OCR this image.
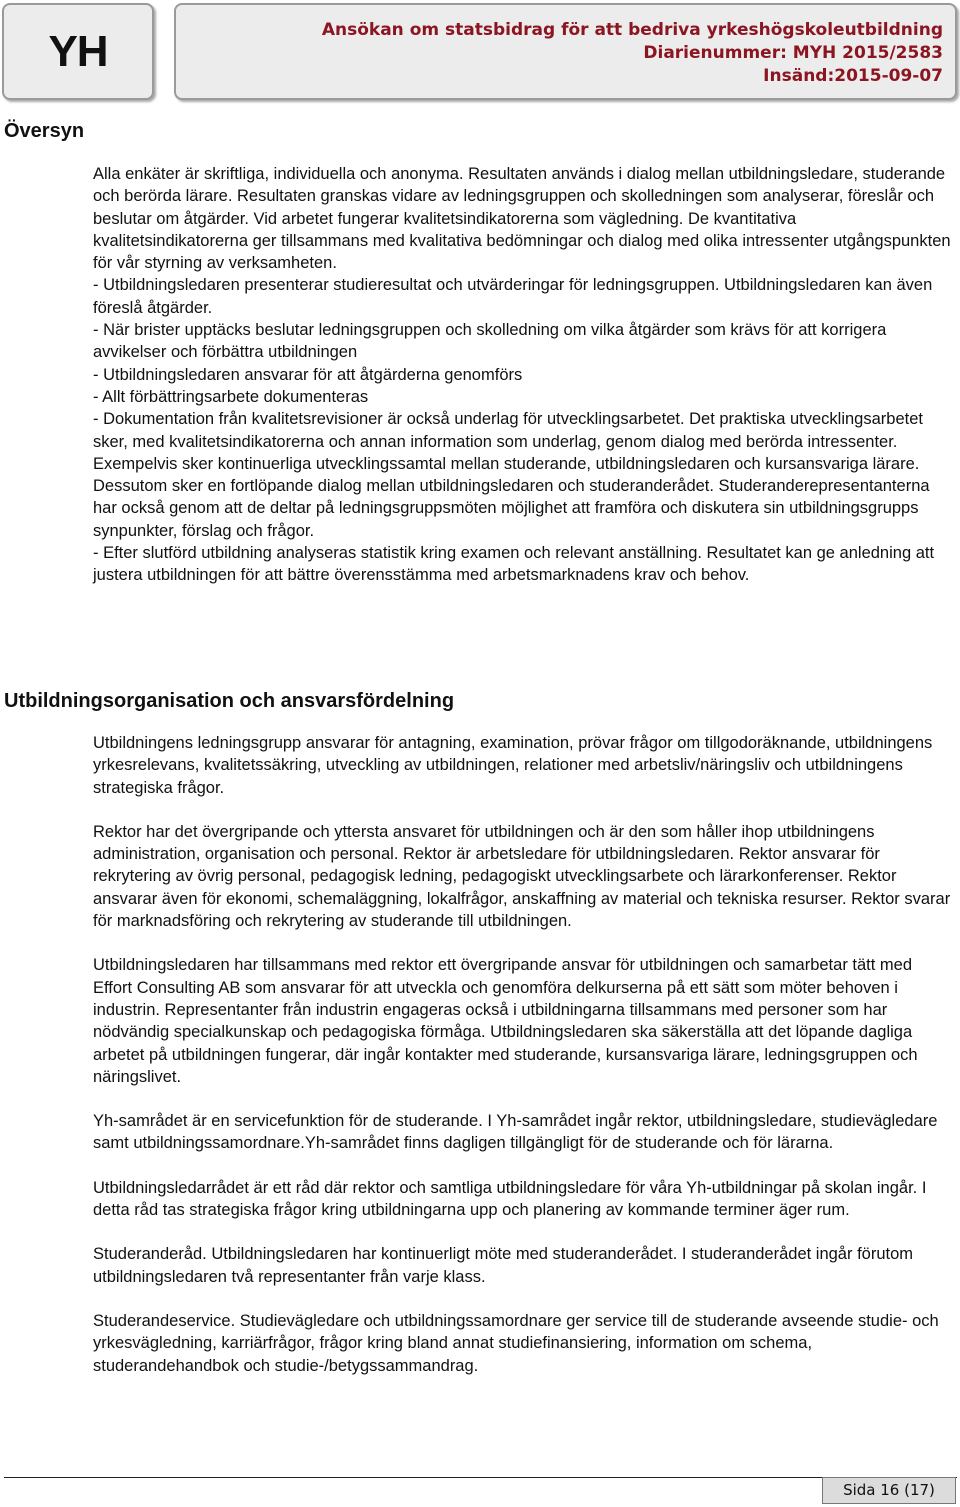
YH	Ansökan om statsbidrag för att bedriva yrkeshögskoleutbildning
Diarienummer: MYH 2015/2583
Insänd:2015-09-07
Översyn

Alla enkäter är skriftliga, individuella och anonyma. Resultaten används i dialog mellan utbildningsledare, studerande och berörda lärare. Resultaten granskas vidare av ledningsgruppen och skolledningen som analyserar, föreslår och beslutar om åtgärder. Vid arbetet fungerar kvalitetsindikatorerna som vägledning. De kvantitativa kvalitetsindikatorerna ger tillsammans med kvalitativa bedömningar och dialog med olika intressenter utgångspunkten för vår styrning av verksamheten.

- Utbildningsledaren presenterar studieresultat och utvärderingar för ledningsgruppen. Utbildningsledaren kan även föreslå åtgärder.

- När brister upptäcks beslutar ledningsgruppen och skolledning om vilka åtgärder som krävs för att korrigera avvikelser och förbättra utbildningen

- Utbildningsledaren ansvarar för att åtgärderna genomförs

- Allt förbättringsarbete dokumenteras

- Dokumentation från kvalitetsrevisioner är också underlag för utvecklingsarbetet. Det praktiska utvecklingsarbetet sker, med kvalitetsindikatorerna och annan information som underlag, genom dialog med berörda intressenter. Exempelvis sker kontinuerliga utvecklingssamtal mellan studerande, utbildningsledaren och kursansvariga lärare. Dessutom sker en fortlöpande dialog mellan utbildningsledaren och studeranderådet. Studeranderepresentanterna har också genom att de deltar på ledningsgruppsmöten möjlighet att framföra och diskutera sin utbildningsgrupps synpunkter, förslag och frågor.

- Efter slutförd utbildning analyseras statistik kring examen och relevant anställning. Resultatet kan ge anledning att justera utbildningen för att bättre överensstämma med arbetsmarknadens krav och behov.

Utbildningsorganisation och ansvarsfördelning

Utbildningens ledningsgrupp ansvarar för antagning, examination, prövar frågor om tillgodoräknande, utbildningens yrkesrelevans, kvalitetssäkring, utveckling av utbildningen, relationer med arbetsliv/näringsliv och utbildningens strategiska frågor.

Rektor har det övergripande och yttersta ansvaret för utbildningen och är den som håller ihop utbildningens administration, organisation och personal. Rektor är arbetsledare för utbildningsledaren. Rektor ansvarar för rekrytering av övrig personal, pedagogisk ledning, pedagogiskt utvecklingsarbete och lärarkonferenser. Rektor ansvarar även för ekonomi, schemaläggning, lokalfrågor, anskaffning av material och tekniska resurser. Rektor svarar för marknadsföring och rekrytering av studerande till utbildningen.

Utbildningsledaren har tillsammans med rektor ett övergripande ansvar för utbildningen och samarbetar tätt med Effort Consulting AB som ansvarar för att utveckla och genomföra delkurserna på ett sätt som möter behoven i industrin. Representanter från industrin engageras också i utbildningarna tillsammans med personer som har nödvändig specialkunskap och pedagogiska förmåga. Utbildningsledaren ska säkerställa att det löpande dagliga arbetet på utbildningen fungerar, där ingår kontakter med studerande, kursansvariga lärare, ledningsgruppen och näringslivet.

Yh-samrådet är en servicefunktion för de studerande. I Yh-samrådet ingår rektor, utbildningsledare, studievägledare samt utbildningssamordnare.Yh-samrådet finns dagligen tillgängligt för de studerande och för lärarna.

Utbildningsledarrådet är ett råd där rektor och samtliga utbildningsledare för våra Yh-utbildningar på skolan ingår. I detta råd tas strategiska frågor kring utbildningarna upp och planering av kommande terminer äger rum.

Studeranderåd. Utbildningsledaren har kontinuerligt möte med studeranderådet. I studeranderådet ingår förutom utbildningsledaren två representanter från varje klass.

Studerandeservice. Studievägledare och utbildningssamordnare ger service till de studerande avseende studie- och yrkesvägledning, karriärfrågor, frågor kring bland annat studiefinansiering, information om schema, studerandehandbok och studie-/betygssammandrag.

Sida 16 (17)
